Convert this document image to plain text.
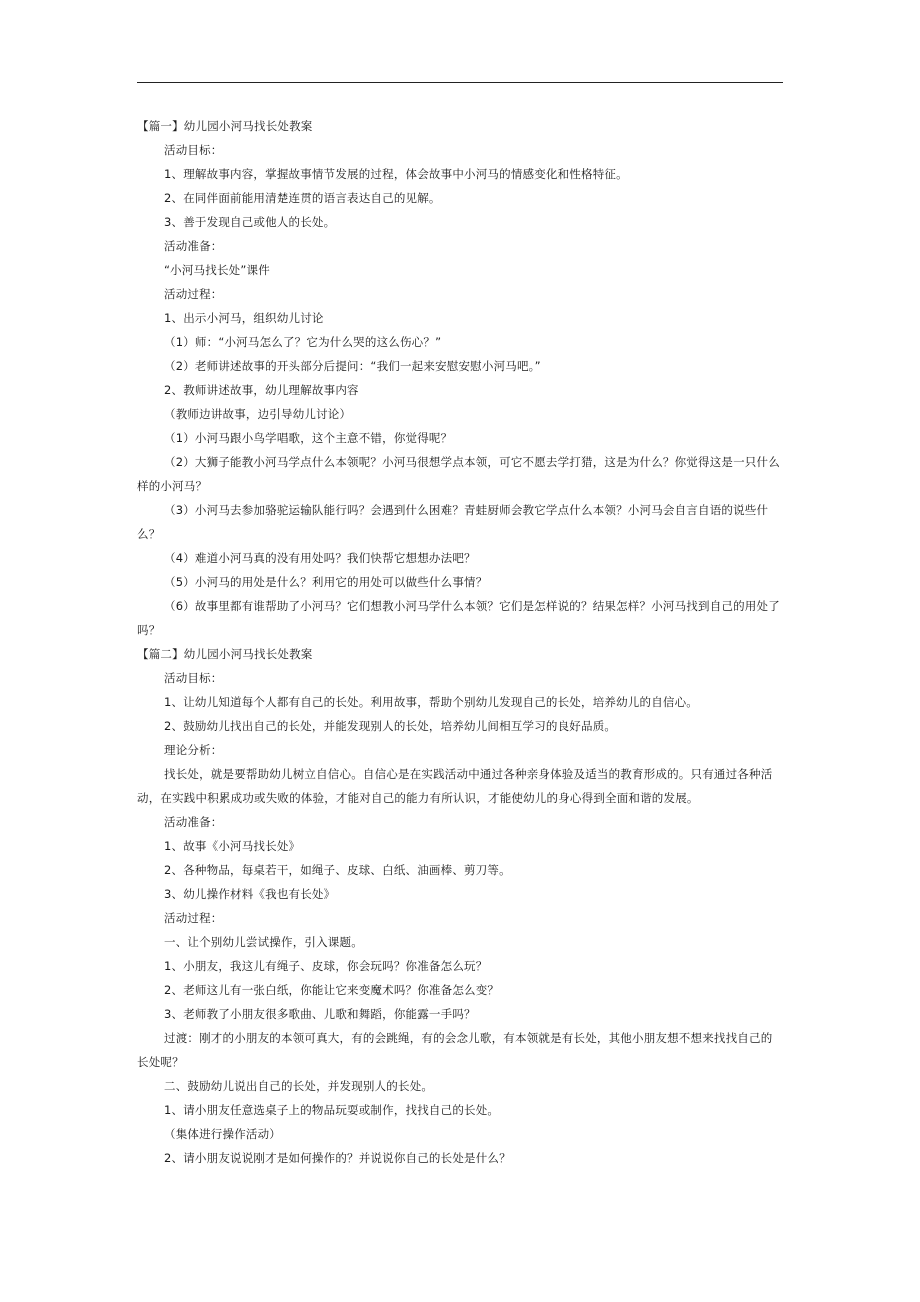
【篇一】幼儿园小河马找长处教案
活动目标：
1、理解故事内容，掌握故事情节发展的过程，体会故事中小河马的情感变化和性格特征。
2、在同伴面前能用清楚连贯的语言表达自己的见解。
3、善于发现自己或他人的长处。
活动准备：
“小河马找长处”课件
活动过程：
1、出示小河马，组织幼儿讨论
（1）师：“小河马怎么了？它为什么哭的这么伤心？”
（2）老师讲述故事的开头部分后提问：“我们一起来安慰安慰小河马吧。”
2、教师讲述故事，幼儿理解故事内容
（教师边讲故事，边引导幼儿讨论）
（1）小河马跟小鸟学唱歌，这个主意不错，你觉得呢？
（2）大狮子能教小河马学点什么本领呢？小河马很想学点本领，可它不愿去学打猎，这是为什么？你觉得这是一只什么样的小河马？
（3）小河马去参加骆驼运输队能行吗？会遇到什么困难？青蛙厨师会教它学点什么本领？小河马会自言自语的说些什么？
（4）难道小河马真的没有用处吗？我们快帮它想想办法吧？
（5）小河马的用处是什么？利用它的用处可以做些什么事情？
（6）故事里都有谁帮助了小河马？它们想教小河马学什么本领？它们是怎样说的？结果怎样？小河马找到自己的用处了吗？
【篇二】幼儿园小河马找长处教案
活动目标：
1、让幼儿知道每个人都有自己的长处。利用故事，帮助个别幼儿发现自己的长处，培养幼儿的自信心。
2、鼓励幼儿找出自己的长处，并能发现别人的长处，培养幼儿间相互学习的良好品质。
理论分析：
找长处，就是要帮助幼儿树立自信心。自信心是在实践活动中通过各种亲身体验及适当的教育形成的。只有通过各种活动，在实践中积累成功或失败的体验，才能对自己的能力有所认识，才能使幼儿的身心得到全面和谐的发展。
活动准备：
1、故事《小河马找长处》
2、各种物品，每桌若干，如绳子、皮球、白纸、油画棒、剪刀等。
3、幼儿操作材料《我也有长处》
活动过程：
一、让个别幼儿尝试操作，引入课题。
1、小朋友，我这儿有绳子、皮球，你会玩吗？你准备怎么玩？
2、老师这儿有一张白纸，你能让它来变魔术吗？你准备怎么变？
3、老师教了小朋友很多歌曲、儿歌和舞蹈，你能露一手吗？
过渡：刚才的小朋友的本领可真大，有的会跳绳，有的会念儿歌，有本领就是有长处，其他小朋友想不想来找找自己的长处呢？
二、鼓励幼儿说出自己的长处，并发现别人的长处。
1、请小朋友任意选桌子上的物品玩耍或制作，找找自己的长处。
（集体进行操作活动）
2、请小朋友说说刚才是如何操作的？并说说你自己的长处是什么？
